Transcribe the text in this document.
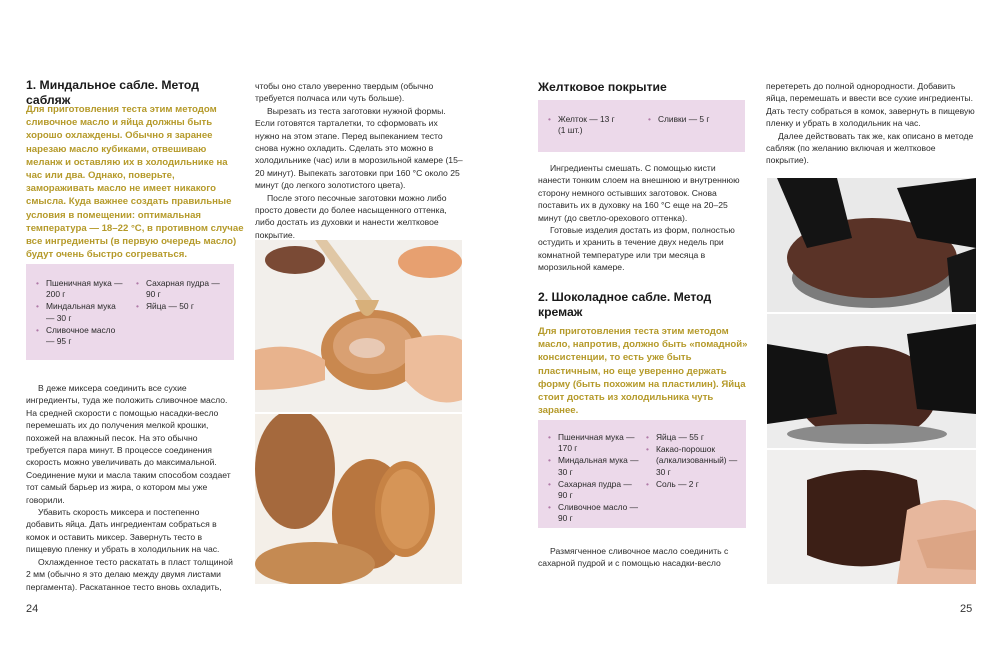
1. Миндальное сабле. Метод сабляж
Для приготовления теста этим методом сливочное масло и яйца должны быть хорошо охлаждены. Обычно я заранее нарезаю масло кубиками, отвешиваю меланж и оставляю их в холодильнике на час или два. Однако, поверьте, замораживать масло не имеет никакого смысла. Куда важнее создать правильные условия в помещении: оптимальная температура — 18–22 °С, в противном случае все ингредиенты (в первую очередь масло) будут очень быстро согреваться.
• Пшеничная мука — 200 г
• Миндальная мука — 30 г
• Сливочное масло — 95 г
• Сахарная пудра — 90 г
• Яйца — 50 г

В деже миксера соединить все сухие ингредиенты, туда же положить сливочное масло. На средней скорости с помощью насадки-весло перемешать их до получения мелкой крошки, похожей на влажный песок. На это обычно требуется пара минут. В процессе соединения скорость можно увеличивать до максимальной. Соединение муки и масла таким способом создает тот самый барьер из жира, о котором мы уже говорили.

Убавить скорость миксера и постепенно добавить яйца. Дать ингредиентам собраться в комок и оставить миксер. Завернуть тесто в пищевую пленку и убрать в холодильник на час.

Охлажденное тесто раскатать в пласт толщиной 2 мм (обычно я это делаю между двумя листами пергамента). Раскатанное тесто вновь охладить,

чтобы оно стало уверенно твердым (обычно требуется полчаса или чуть больше).

Вырезать из теста заготовки нужной формы. Если готовятся тарталетки, то сформовать их нужно на этом этапе. Перед выпеканием тесто снова нужно охладить. Сделать это можно в холодильнике (час) или в морозильной камере (15–20 минут). Выпекать заготовки при 160 °С около 25 минут (до легкого золотистого цвета).

После этого песочные заготовки можно либо просто довести до более насыщенного оттенка, либо достать из духовки и нанести желтковое покрытие.

24
Желтковое покрытие
• Желток — 13 г (1 шт.)
• Сливки — 5 г

Ингредиенты смешать. С помощью кисти нанести тонким слоем на внешнюю и внутреннюю сторону немного остывших заготовок. Снова поставить их в духовку на 160 °С еще на 20–25 минут (до светло-орехового оттенка).

Готовые изделия достать из форм, полностью остудить и хранить в течение двух недель при комнатной температуре или три месяца в морозильной камере.

2. Шоколадное сабле. Метод кремаж
Для приготовления теста этим методом масло, напротив, должно быть «помадной» консистенции, то есть уже быть пластичным, но еще уверенно держать форму (быть похожим на пластилин). Яйца стоит достать из холодильника чуть заранее.
• Пшеничная мука — 170 г
• Миндальная мука — 30 г
• Сахарная пудра — 90 г
• Сливочное масло — 90 г
• Яйца — 55 г
• Какао-порошок (алкализованный) — 30 г
• Соль — 2 г

Размягченное сливочное масло соединить с сахарной пудрой и с помощью насадки-весло

перетереть до полной однородности. Добавить яйца, перемешать и ввести все сухие ингредиенты. Дать тесту собраться в комок, завернуть в пищевую пленку и убрать в холодильник на час.

Далее действовать так же, как описано в методе сабляж (по желанию включая и желтковое покрытие).

25
